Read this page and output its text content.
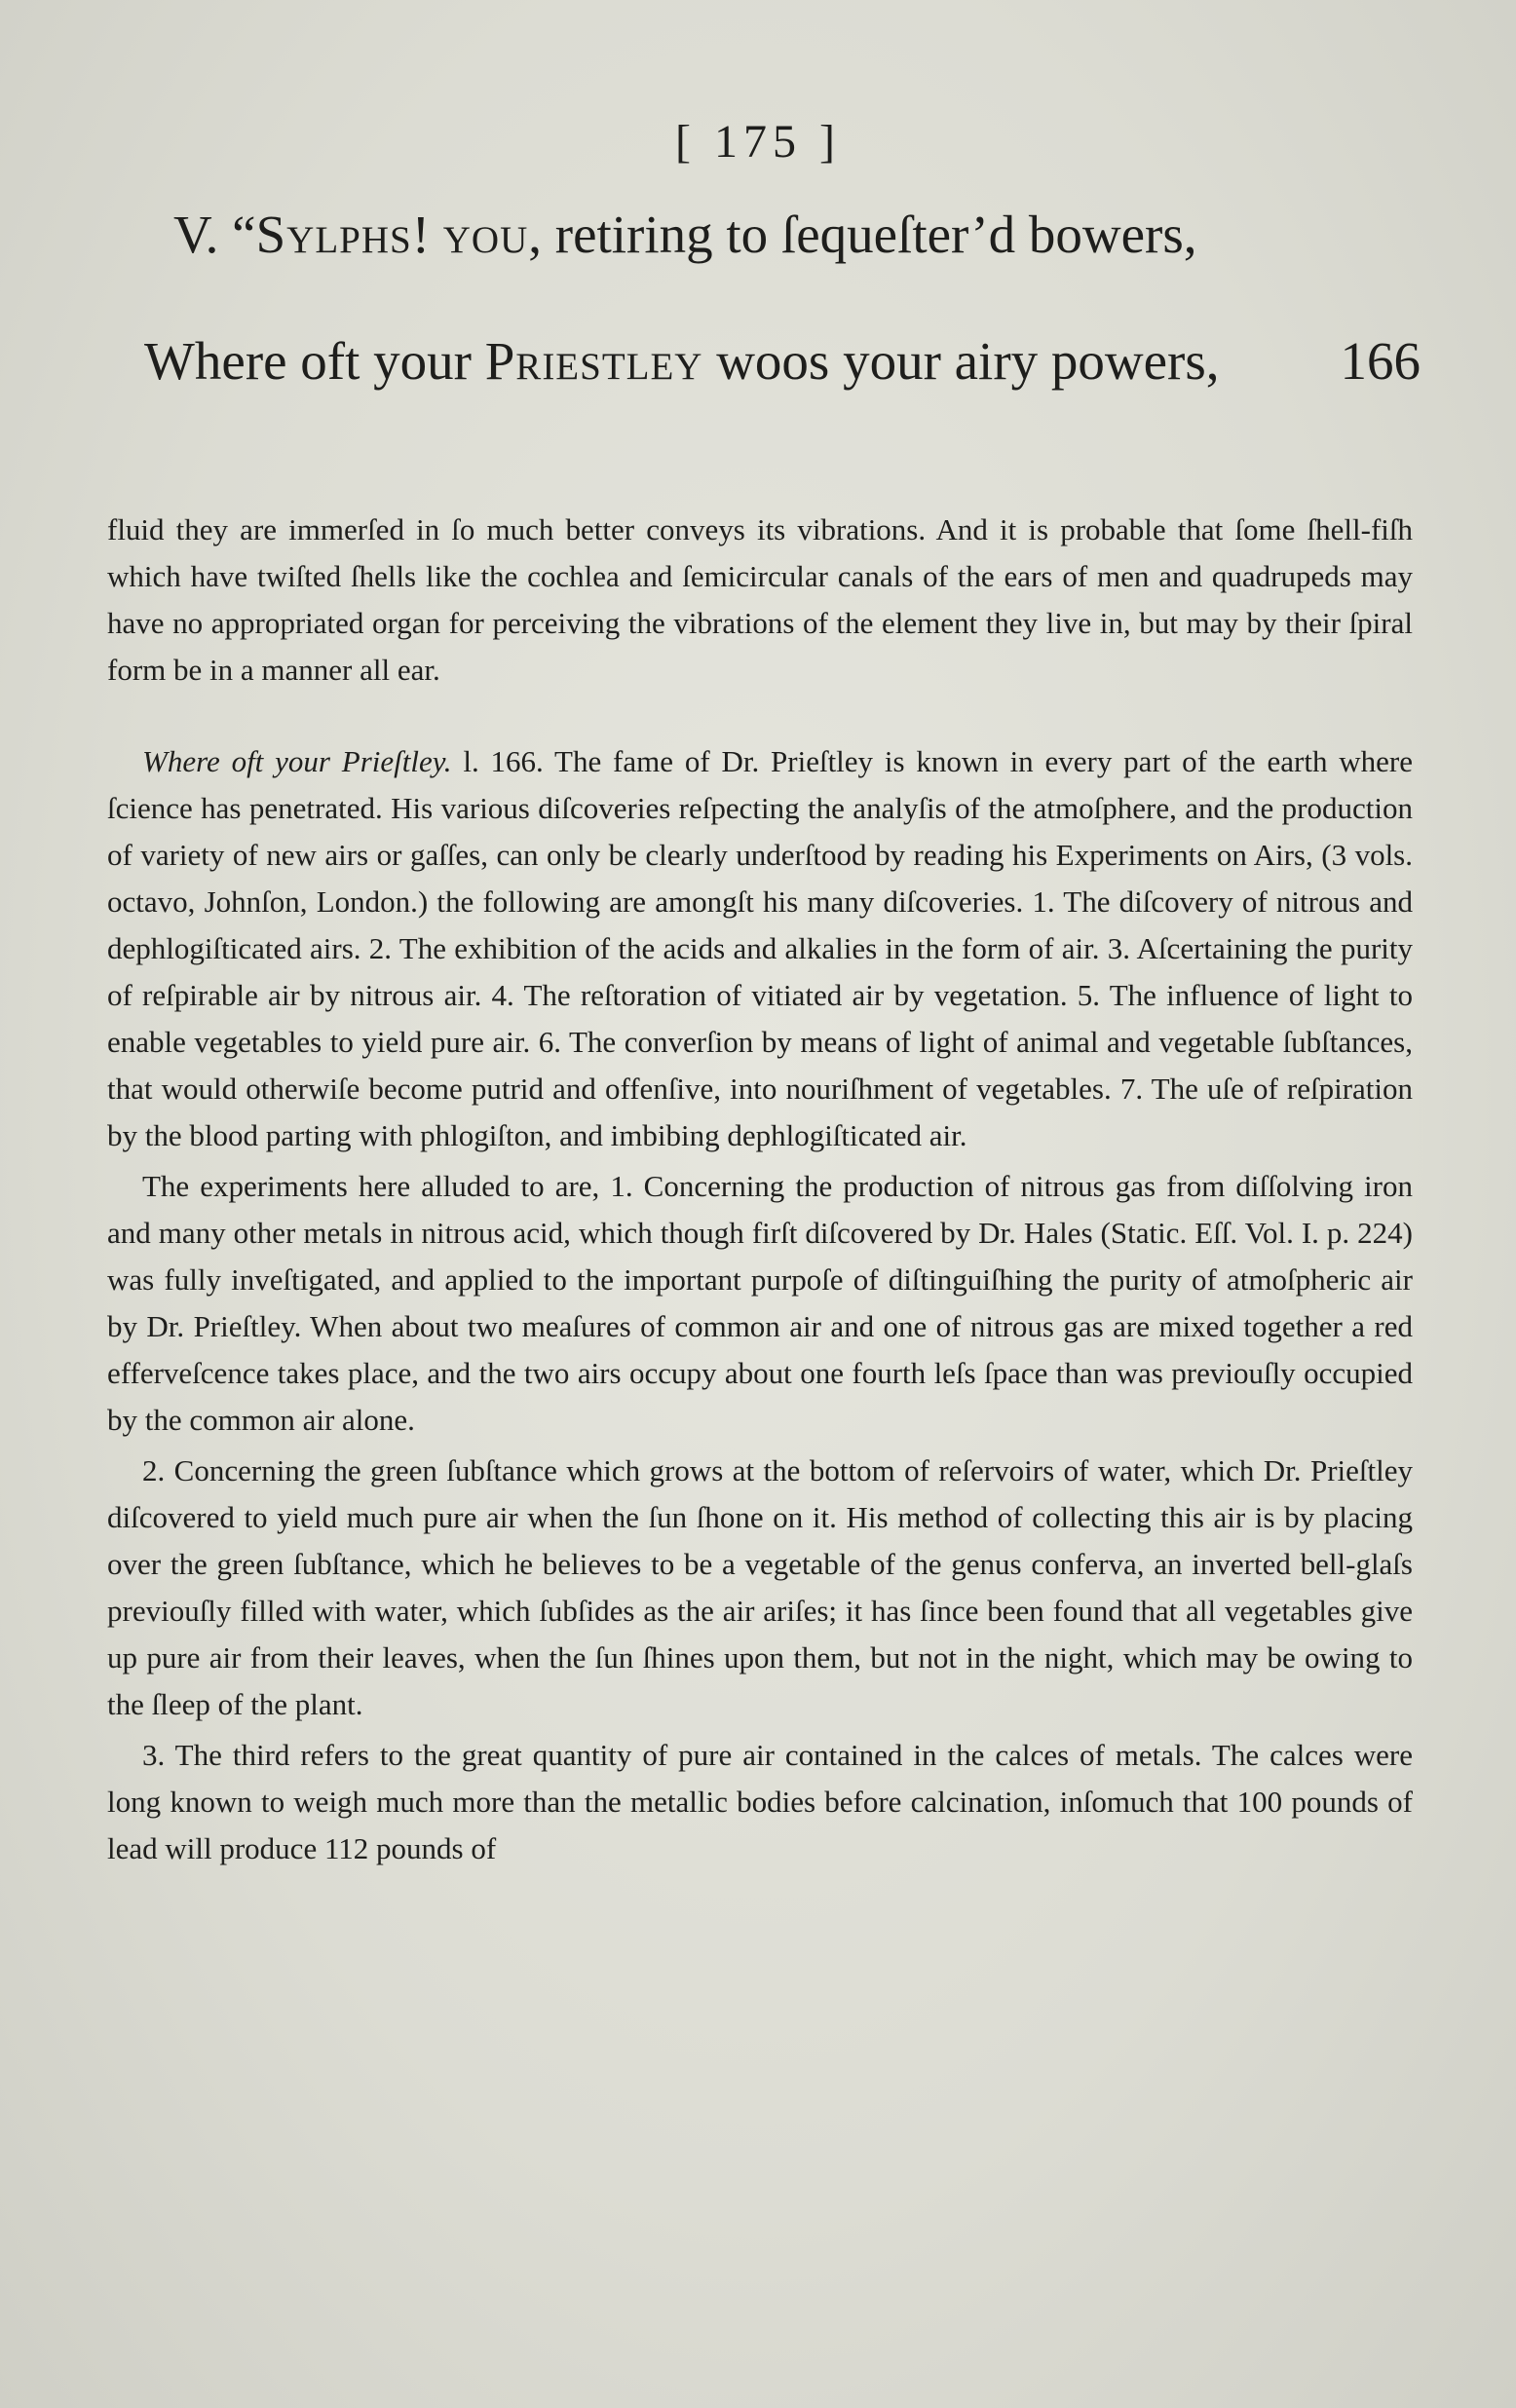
[ 175 ]
V. “Sylphs! you, retiring to ſequeſter’d bowers,
Where oft your Priestley woos your airy powers, 166

fluid they are immerſed in ſo much better conveys its vibrations. And it is probable that ſome ſhell-fiſh which have twiſted ſhells like the cochlea and ſemicircular canals of the ears of men and quadrupeds may have no appropriated organ for perceiving the vibrations of the element they live in, but may by their ſpiral form be in a manner all ear.

Where oft your Prieſtley. l. 166. The fame of Dr. Prieſtley is known in every part of the earth where ſcience has penetrated. His various diſcoveries reſpecting the analyſis of the atmoſphere, and the production of variety of new airs or gaſſes, can only be clearly underſtood by reading his Experiments on Airs, (3 vols. octavo, Johnſon, London.) the following are amongſt his many diſcoveries. 1. The diſcovery of nitrous and dephlogiſticated airs. 2. The exhibition of the acids and alkalies in the form of air. 3. Aſcertaining the purity of reſpirable air by nitrous air. 4. The reſtoration of vitiated air by vegetation. 5. The influence of light to enable vegetables to yield pure air. 6. The converſion by means of light of animal and vegetable ſubſtances, that would otherwiſe become putrid and offenſive, into nouriſhment of vegetables. 7. The uſe of reſpiration by the blood parting with phlogiſton, and imbibing dephlogiſticated air.

The experiments here alluded to are, 1. Concerning the production of nitrous gas from diſſolving iron and many other metals in nitrous acid, which though firſt diſcovered by Dr. Hales (Static. Eſſ. Vol. I. p. 224) was fully inveſtigated, and applied to the important purpoſe of diſtinguiſhing the purity of atmoſpheric air by Dr. Prieſtley. When about two meaſures of common air and one of nitrous gas are mixed together a red efferveſcence takes place, and the two airs occupy about one fourth leſs ſpace than was previouſly occupied by the common air alone.

2. Concerning the green ſubſtance which grows at the bottom of reſervoirs of water, which Dr. Prieſtley diſcovered to yield much pure air when the ſun ſhone on it. His method of collecting this air is by placing over the green ſubſtance, which he believes to be a vegetable of the genus conferva, an inverted bell-glaſs previouſly filled with water, which ſubſides as the air ariſes; it has ſince been found that all vegetables give up pure air from their leaves, when the ſun ſhines upon them, but not in the night, which may be owing to the ſleep of the plant.

3. The third refers to the great quantity of pure air contained in the calces of metals. The calces were long known to weigh much more than the metallic bodies before calcination, inſomuch that 100 pounds of lead will produce 112 pounds of
